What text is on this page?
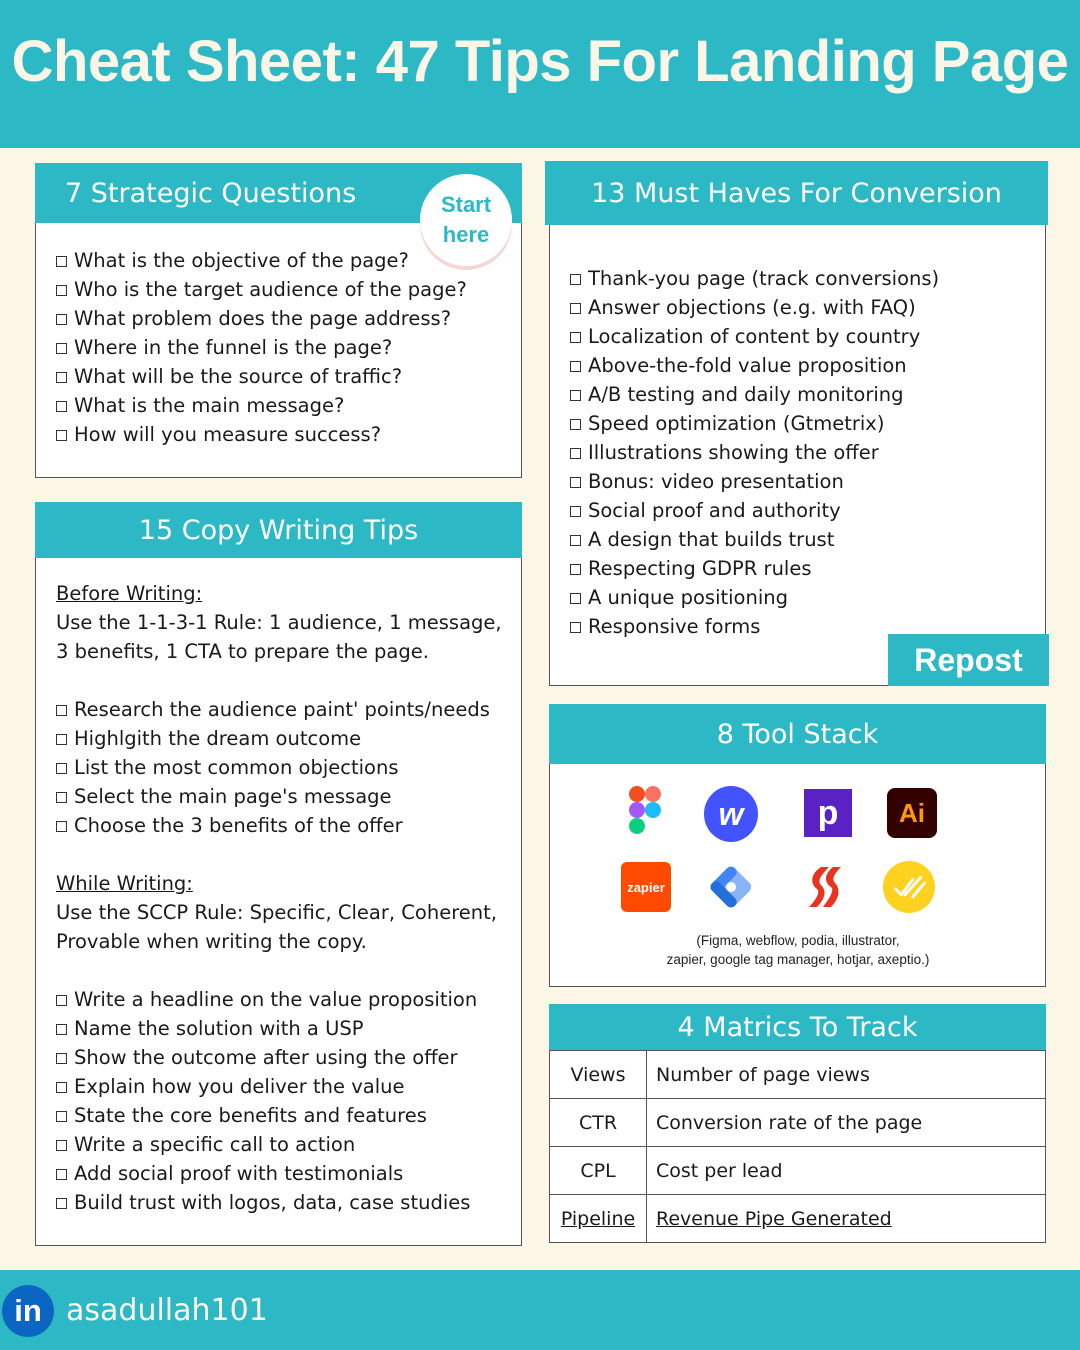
Cheat Sheet: 47 Tips For Landing Page
7 Strategic Questions
What is the objective of the page?
Who is the target audience of the page?
What problem does the page address?
Where in the funnel is the page?
What will be the source of traffic?
What is the main message?
How will you measure success?
Start
here
15 Copy Writing Tips
Before Writing:
Use the 1-1-3-1 Rule: 1 audience, 1 message,
3 benefits, 1 CTA to prepare the page.
Research the audience paint' points/needs
Highlgith the dream outcome
List the most common objections
Select the main page's message
Choose the 3 benefits of the offer
While Writing:
Use the SCCP Rule: Specific, Clear, Coherent,
Provable when writing the copy.
Write a headline on the value proposition
Name the solution with a USP
Show the outcome after using the offer
Explain how you deliver the value
State the core benefits and features
Write a specific call to action
Add social proof with testimonials
Build trust with logos, data, case studies
13 Must Haves For Conversion
Thank-you page (track conversions)
Answer objections (e.g. with FAQ)
Localization of content by country
Above-the-fold value proposition
A/B testing and daily monitoring
Speed optimization (Gtmetrix)
Illustrations showing the offer
Bonus: video presentation
Social proof and authority
A design that builds trust
Respecting GDPR rules
A unique positioning
Responsive forms
Repost
8 Tool Stack
w	p	Ai
zapier
(Figma, webflow, podia, illustrator,
zapier, google tag manager, hotjar, axeptio.)
4 Matrics To Track
Views	Number of page views
CTR	Conversion rate of the page
CPL	Cost per lead
Pipeline	Revenue Pipe Generated
in asadullah101
